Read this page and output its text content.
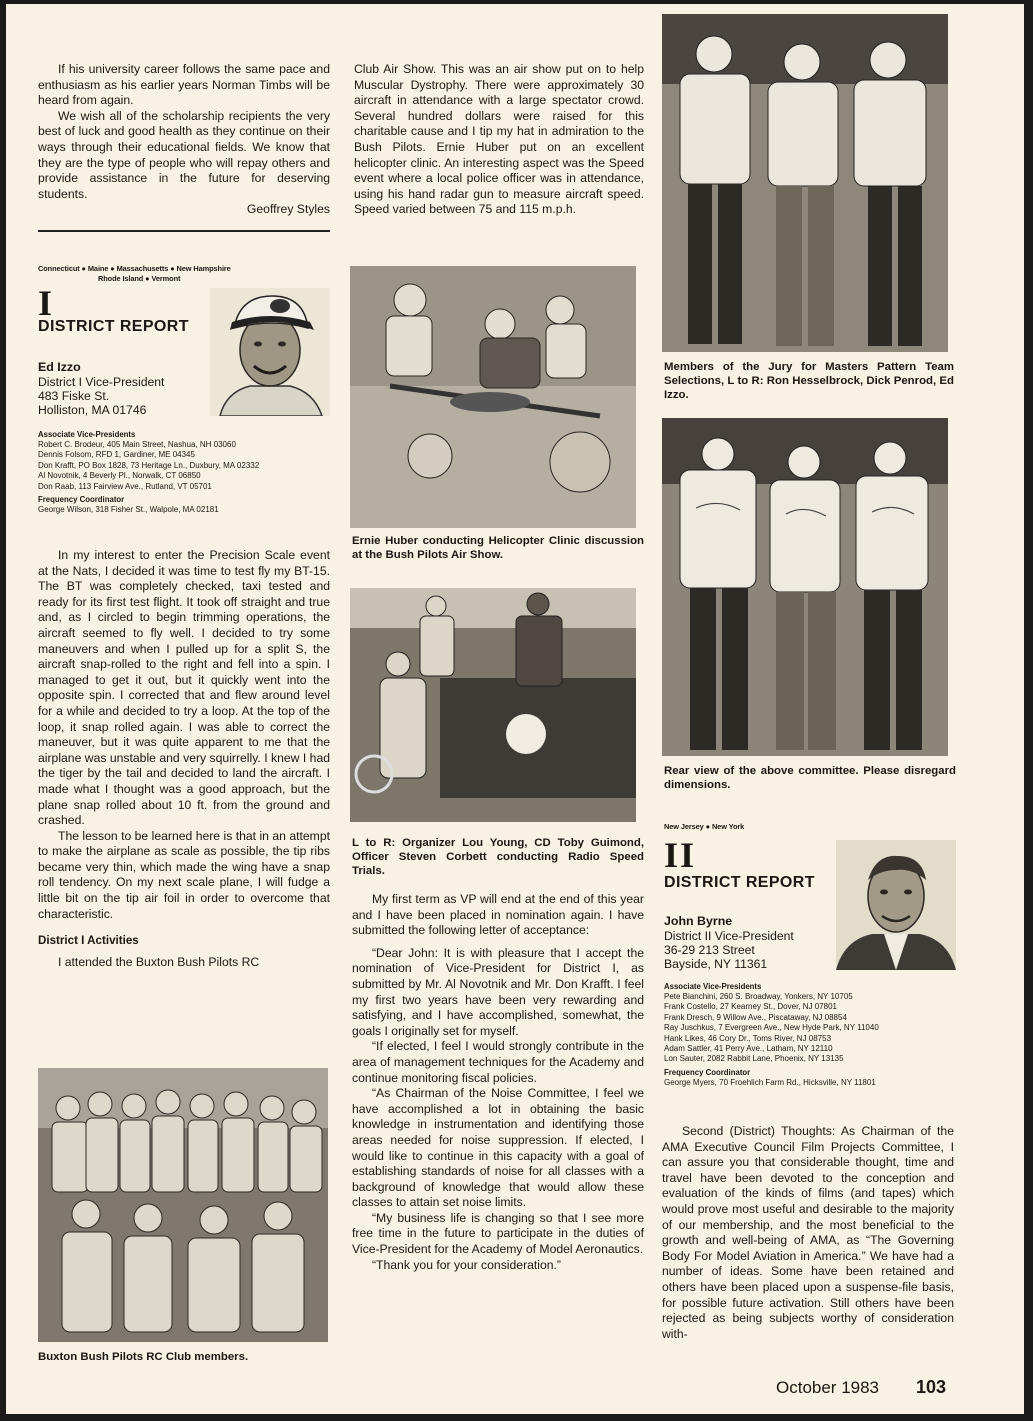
If his university career follows the same pace and enthusiasm as his earlier years Norman Timbs will be heard from again.

We wish all of the scholarship recipients the very best of luck and good health as they continue on their ways through their educational fields. We know that they are the type of people who will repay others and provide assistance in the future for deserving students.

Geoffrey Styles

Connecticut ● Maine ● Massachusetts ● New Hampshire
Rhode Island ● Vermont
I
DISTRICT REPORT
Ed Izzo
District I Vice-President
483 Fiske St.
Holliston, MA 01746
Associate Vice-Presidents
Robert C. Brodeur, 405 Main Street, Nashua, NH 03060
Dennis Folsom, RFD 1, Gardiner, ME 04345
Don Krafft, PO Box 1828, 73 Heritage Ln., Duxbury, MA 02332
Al Novotnik, 4 Beverly Pl., Norwalk, CT 06850
Don Raab, 113 Fairview Ave., Rutland, VT 05701
Frequency Coordinator
George Wilson, 318 Fisher St., Walpole, MA 02181

In my interest to enter the Precision Scale event at the Nats, I decided it was time to test fly my BT-15. The BT was completely checked, taxi tested and ready for its first test flight. It took off straight and true and, as I circled to begin trimming operations, the aircraft seemed to fly well. I decided to try some maneuvers and when I pulled up for a split S, the aircraft snap-rolled to the right and fell into a spin. I managed to get it out, but it quickly went into the opposite spin. I corrected that and flew around level for a while and decided to try a loop. At the top of the loop, it snap rolled again. I was able to correct the maneuver, but it was quite apparent to me that the airplane was unstable and very squirrelly. I knew I had the tiger by the tail and decided to land the aircraft. I made what I thought was a good approach, but the plane snap rolled about 10 ft. from the ground and crashed.

The lesson to be learned here is that in an attempt to make the airplane as scale as possible, the tip ribs became very thin, which made the wing have a snap roll tendency. On my next scale plane, I will fudge a little bit on the tip air foil in order to overcome that characteristic.

District I Activities

I attended the Buxton Bush Pilots RC

Buxton Bush Pilots RC Club members.

Club Air Show. This was an air show put on to help Muscular Dystrophy. There were approximately 30 aircraft in attendance with a large spectator crowd. Several hundred dollars were raised for this charitable cause and I tip my hat in admiration to the Bush Pilots. Ernie Huber put on an excellent helicopter clinic. An interesting aspect was the Speed event where a local police officer was in attendance, using his hand radar gun to measure aircraft speed. Speed varied between 75 and 115 m.p.h.

Ernie Huber conducting Helicopter Clinic discussion at the Bush Pilots Air Show.

L to R: Organizer Lou Young, CD Toby Guimond, Officer Steven Corbett conducting Radio Speed Trials.

My first term as VP will end at the end of this year and I have been placed in nomination again. I have submitted the following letter of acceptance:

“Dear John: It is with pleasure that I accept the nomination of Vice-President for District I, as submitted by Mr. Al Novotnik and Mr. Don Krafft. I feel my first two years have been very rewarding and satisfying, and I have accomplished, somewhat, the goals I originally set for myself.

“If elected, I feel I would strongly contribute in the area of management techniques for the Academy and continue monitoring fiscal policies.

“As Chairman of the Noise Committee, I feel we have accomplished a lot in obtaining the basic knowledge in instrumentation and identifying those areas needed for noise suppression. If elected, I would like to continue in this capacity with a goal of establishing standards of noise for all classes with a background of knowledge that would allow these classes to attain set noise limits.

“My business life is changing so that I see more free time in the future to participate in the duties of Vice-President for the Academy of Model Aeronautics.

“Thank you for your consideration.”

Members of the Jury for Masters Pattern Team Selections, L to R: Ron Hesselbrock, Dick Penrod, Ed Izzo.

Rear view of the above committee. Please disregard dimensions.

New Jersey ● New York
II
DISTRICT REPORT
John Byrne
District II Vice-President
36-29 213 Street
Bayside, NY 11361
Associate Vice-Presidents
Pete Bianchini, 260 S. Broadway, Yonkers, NY 10705
Frank Costello, 27 Kearney St., Dover, NJ 07801
Frank Dresch, 9 Willow Ave., Piscataway, NJ 08854
Ray Juschkus, 7 Evergreen Ave., New Hyde Park, NY 11040
Hank Likes, 46 Cory Dr., Toms River, NJ 08753
Adam Sattler, 41 Perry Ave., Latham, NY 12110
Lon Sauter, 2082 Rabbit Lane, Phoenix, NY 13135
Frequency Coordinator
George Myers, 70 Froehlich Farm Rd., Hicksville, NY 11801

Second (District) Thoughts: As Chairman of the AMA Executive Council Film Projects Committee, I can assure you that considerable thought, time and travel have been devoted to the conception and evaluation of the kinds of films (and tapes) which would prove most useful and desirable to the majority of our membership, and the most beneficial to the growth and well-being of AMA, as “The Governing Body For Model Aviation in America.” We have had a number of ideas. Some have been retained and others have been placed upon a suspense-file basis, for possible future activation. Still others have been rejected as being subjects worthy of consideration with-

October 1983 103
